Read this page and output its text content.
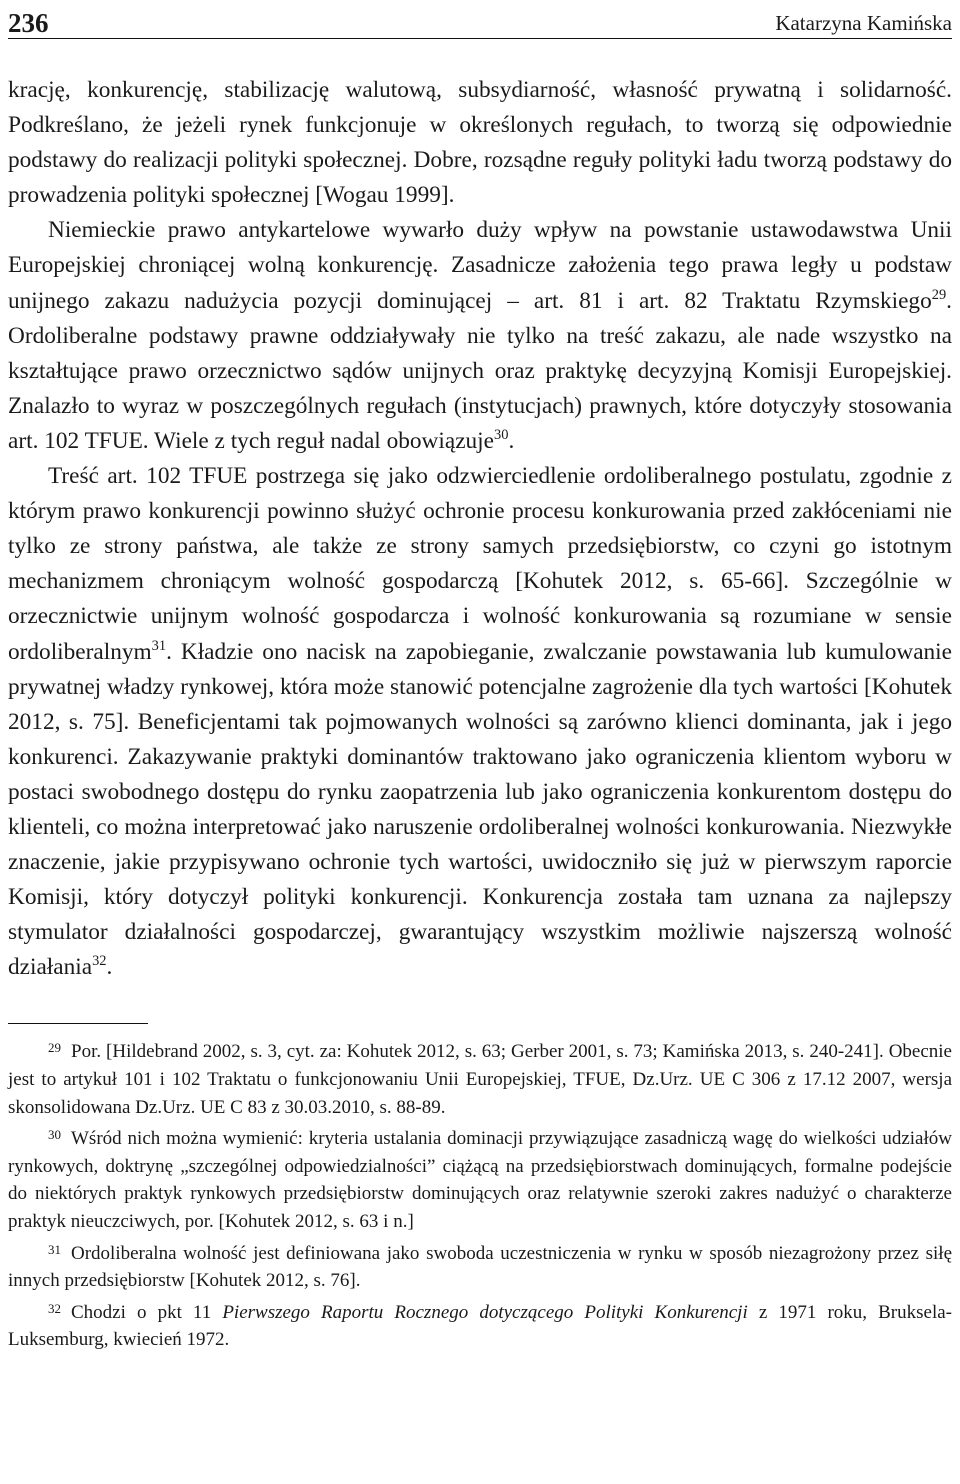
236	Katarzyna Kamińska

krację, konkurencję, stabilizację walutową, subsydiarność, własność prywatną i solidarność. Podkreślano, że jeżeli rynek funkcjonuje w określonych regułach, to tworzą się odpowiednie podstawy do realizacji polityki społecznej. Dobre, rozsądne reguły polityki ładu tworzą podstawy do prowadzenia polityki społecznej [Wogau 1999].

Niemieckie prawo antykartelowe wywarło duży wpływ na powstanie ustawodawstwa Unii Europejskiej chroniącej wolną konkurencję. Zasadnicze założenia tego prawa legły u podstaw unijnego zakazu nadużycia pozycji dominującej – art. 81 i art. 82 Traktatu Rzymskiego$^{29}$. Ordoliberalne podstawy prawne oddziaływały nie tylko na treść zakazu, ale nade wszystko na kształtujące prawo orzecznictwo sądów unijnych oraz praktykę decyzyjną Komisji Europejskiej. Znalazło to wyraz w poszczególnych regułach (instytucjach) prawnych, które dotyczyły stosowania art. 102 TFUE. Wiele z tych reguł nadal obowiązuje$^{30}$.

Treść art. 102 TFUE postrzega się jako odzwierciedlenie ordoliberalnego postulatu, zgodnie z którym prawo konkurencji powinno służyć ochronie procesu konkurowania przed zakłóceniami nie tylko ze strony państwa, ale także ze strony samych przedsiębiorstw, co czyni go istotnym mechanizmem chroniącym wolność gospodarczą [Kohutek 2012, s. 65-66]. Szczególnie w orzecznictwie unijnym wolność gospodarcza i wolność konkurowania są rozumiane w sensie ordoliberalnym$^{31}$. Kładzie ono nacisk na zapobieganie, zwalczanie powstawania lub kumulowanie prywatnej władzy rynkowej, która może stanowić potencjalne zagrożenie dla tych wartości [Kohutek 2012, s. 75]. Beneficjentami tak pojmowanych wolności są zarówno klienci dominanta, jak i jego konkurenci. Zakazywanie praktyki dominantów traktowano jako ograniczenia klientom wyboru w postaci swobodnego dostępu do rynku zaopatrzenia lub jako ograniczenia konkurentom dostępu do klienteli, co można interpretować jako naruszenie ordoliberalnej wolności konkurowania. Niezwykłe znaczenie, jakie przypisywano ochronie tych wartości, uwidoczniło się już w pierwszym raporcie Komisji, który dotyczył polityki konkurencji. Konkurencja została tam uznana za najlepszy stymulator działalności gospodarczej, gwarantujący wszystkim możliwie najszerszą wolność działania$^{32}$.

$^{29}$ Por. [Hildebrand 2002, s. 3, cyt. za: Kohutek 2012, s. 63; Gerber 2001, s. 73; Kamińska 2013, s. 240-241]. Obecnie jest to artykuł 101 i 102 Traktatu o funkcjonowaniu Unii Europejskiej, TFUE, Dz.Urz. UE C 306 z 17.12 2007, wersja skonsolidowana Dz.Urz. UE C 83 z 30.03.2010, s. 88-89.

$^{30}$ Wśród nich można wymienić: kryteria ustalania dominacji przywiązujące zasadniczą wagę do wielkości udziałów rynkowych, doktrynę „szczególnej odpowiedzialności” ciążącą na przedsiębiorstwach dominujących, formalne podejście do niektórych praktyk rynkowych przedsiębiorstw dominujących oraz relatywnie szeroki zakres nadużyć o charakterze praktyk nieuczciwych, por. [Kohutek 2012, s. 63 i n.]

$^{31}$ Ordoliberalna wolność jest definiowana jako swoboda uczestniczenia w rynku w sposób niezagrożony przez siłę innych przedsiębiorstw [Kohutek 2012, s. 76].

$^{32}$ Chodzi o pkt 11 Pierwszego Raportu Rocznego dotyczącego Polityki Konkurencji z 1971 roku, Bruksela- Luksemburg, kwiecień 1972.
